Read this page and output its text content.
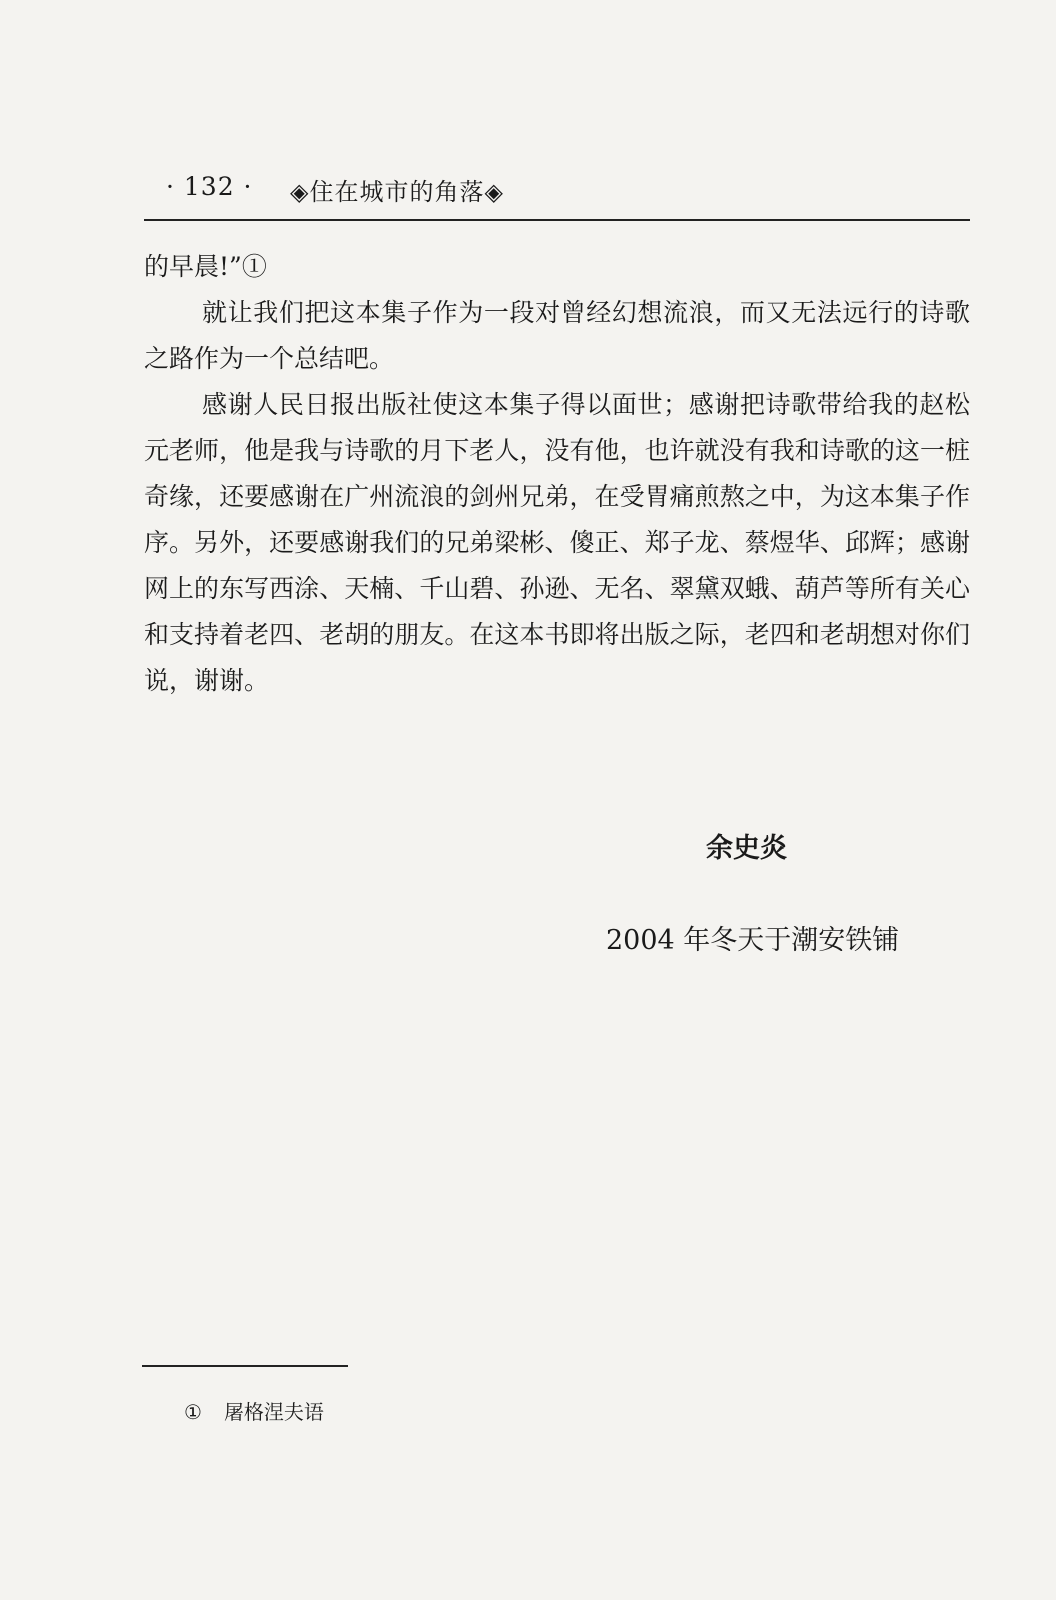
· 132 · ◈住在城市的角落◈

的早晨!”①

就让我们把这本集子作为一段对曾经幻想流浪，而又无法远行的诗歌之路作为一个总结吧。

感谢人民日报出版社使这本集子得以面世；感谢把诗歌带给我的赵松元老师，他是我与诗歌的月下老人，没有他，也许就没有我和诗歌的这一桩奇缘，还要感谢在广州流浪的剑州兄弟，在受胃痛煎熬之中，为这本集子作序。另外，还要感谢我们的兄弟梁彬、傻正、郑子龙、蔡煜华、邱辉；感谢网上的东写西涂、天楠、千山碧、孙逊、无名、翠黛双蛾、葫芦等所有关心和支持着老四、老胡的朋友。在这本书即将出版之际，老四和老胡想对你们说，谢谢。

余史炎
2004 年冬天于潮安铁铺
① 屠格涅夫语
